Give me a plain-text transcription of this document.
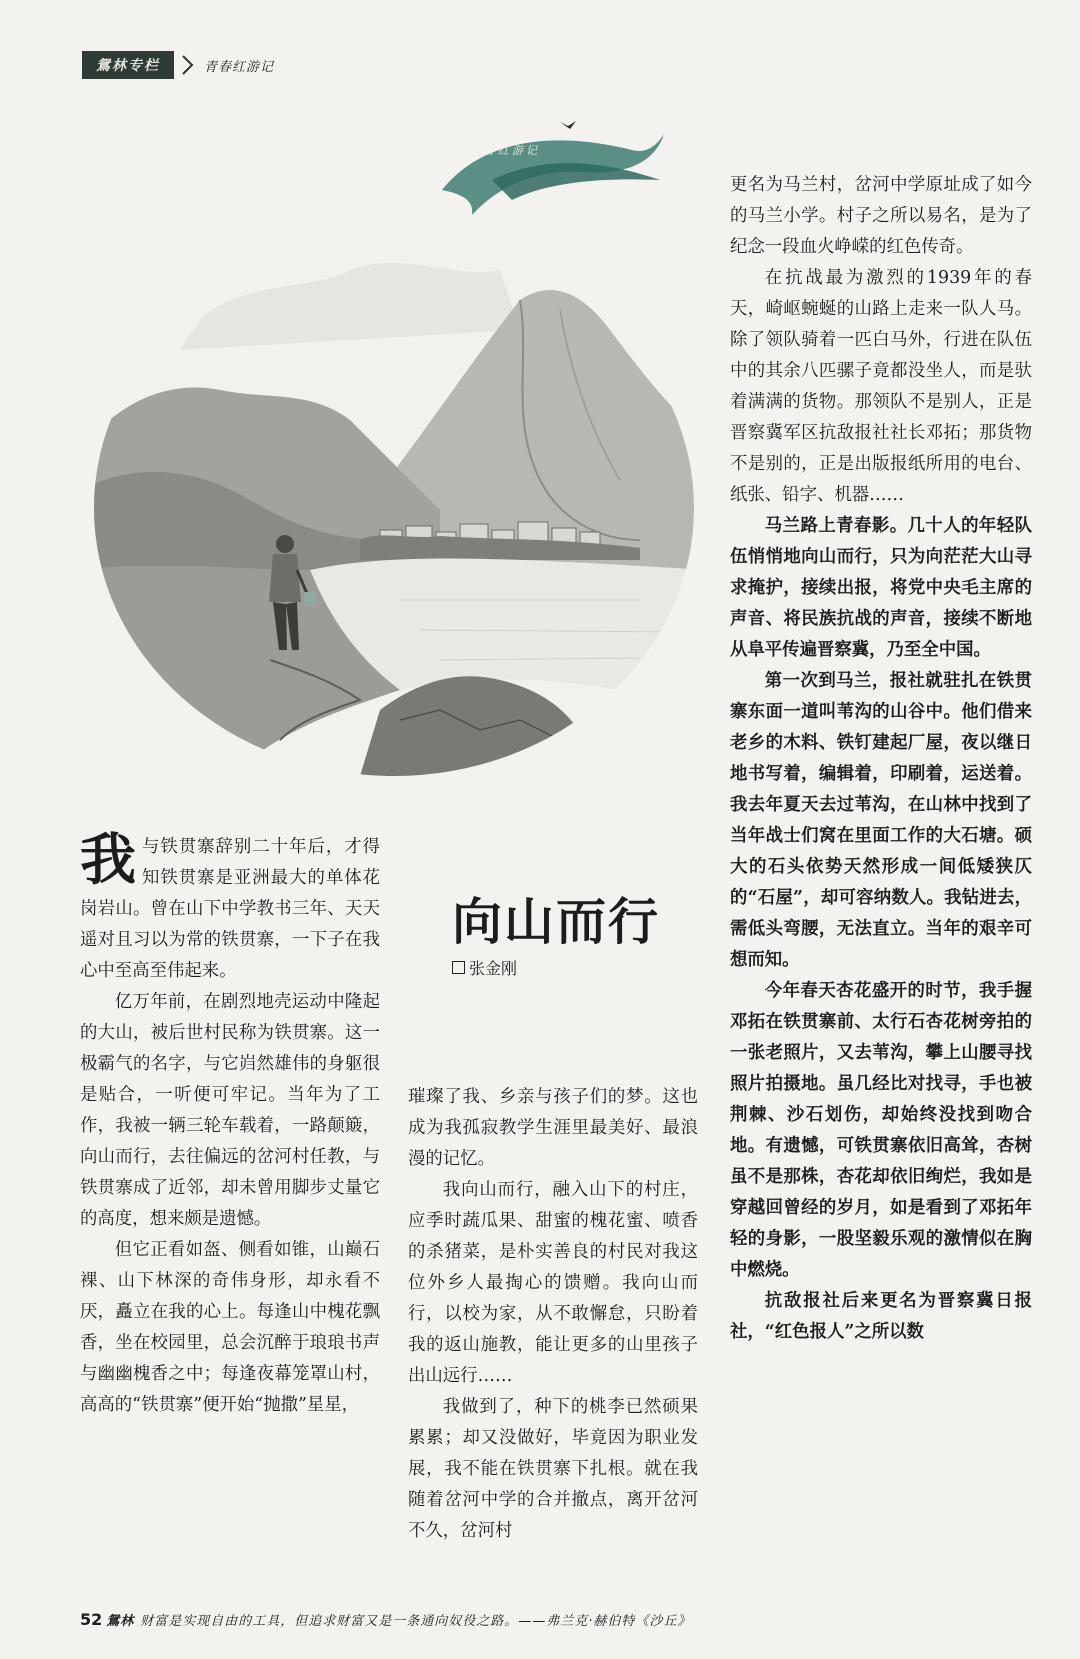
鴛林专栏	青春红游记
青春红游记

我与铁贯寨辞别二十年后，才得知铁贯寨是亚洲最大的单体花岗岩山。曾在山下中学教书三年、天天遥对且习以为常的铁贯寨，一下子在我心中至高至伟起来。

亿万年前，在剧烈地壳运动中隆起的大山，被后世村民称为铁贯寨。这一极霸气的名字，与它岿然雄伟的身躯很是贴合，一听便可牢记。当年为了工作，我被一辆三轮车载着，一路颠簸，向山而行，去往偏远的岔河村任教，与铁贯寨成了近邻，却未曾用脚步丈量它的高度，想来颇是遗憾。

但它正看如盔、侧看如锥，山巅石裸、山下林深的奇伟身形，却永看不厌，矗立在我的心上。每逢山中槐花飘香，坐在校园里，总会沉醉于琅琅书声与幽幽槐香之中；每逢夜幕笼罩山村，高高的“铁贯寨”便开始“抛撒”星星，

向山而行
张金刚

璀璨了我、乡亲与孩子们的梦。这也成为我孤寂教学生涯里最美好、最浪漫的记忆。

我向山而行，融入山下的村庄，应季时蔬瓜果、甜蜜的槐花蜜、喷香的杀猪菜，是朴实善良的村民对我这位外乡人最掏心的馈赠。我向山而行，以校为家，从不敢懈怠，只盼着我的返山施教，能让更多的山里孩子出山远行……

我做到了，种下的桃李已然硕果累累；却又没做好，毕竟因为职业发展，我不能在铁贯寨下扎根。就在我随着岔河中学的合并撤点，离开岔河不久，岔河村

更名为马兰村，岔河中学原址成了如今的马兰小学。村子之所以易名，是为了纪念一段血火峥嵘的红色传奇。

在抗战最为激烈的1939年的春天，崎岖蜿蜒的山路上走来一队人马。除了领队骑着一匹白马外，行进在队伍中的其余八匹骡子竟都没坐人，而是驮着满满的货物。那领队不是别人，正是晋察冀军区抗敌报社社长邓拓；那货物不是别的，正是出版报纸所用的电台、纸张、铅字、机器……

马兰路上青春影。几十人的年轻队伍悄悄地向山而行，只为向茫茫大山寻求掩护，接续出报，将党中央毛主席的声音、将民族抗战的声音，接续不断地从阜平传遍晋察冀，乃至全中国。

第一次到马兰，报社就驻扎在铁贯寨东面一道叫苇沟的山谷中。他们借来老乡的木料、铁钉建起厂屋，夜以继日地书写着，编辑着，印刷着，运送着。我去年夏天去过苇沟，在山林中找到了当年战士们窝在里面工作的大石塘。硕大的石头依势天然形成一间低矮狭仄的“石屋”，却可容纳数人。我钻进去，需低头弯腰，无法直立。当年的艰辛可想而知。

今年春天杏花盛开的时节，我手握邓拓在铁贯寨前、太行石杏花树旁拍的一张老照片，又去苇沟，攀上山腰寻找照片拍摄地。虽几经比对找寻，手也被荆棘、沙石划伤，却始终没找到吻合地。有遗憾，可铁贯寨依旧高耸，杏树虽不是那株，杏花却依旧绚烂，我如是穿越回曾经的岁月，如是看到了邓拓年轻的身影，一股坚毅乐观的激情似在胸中燃烧。

抗敌报社后来更名为晋察冀日报社，“红色报人”之所以数

52 鴛林 财富是实现自由的工具，但追求财富又是一条通向奴役之路。——弗兰克·赫伯特《沙丘》
